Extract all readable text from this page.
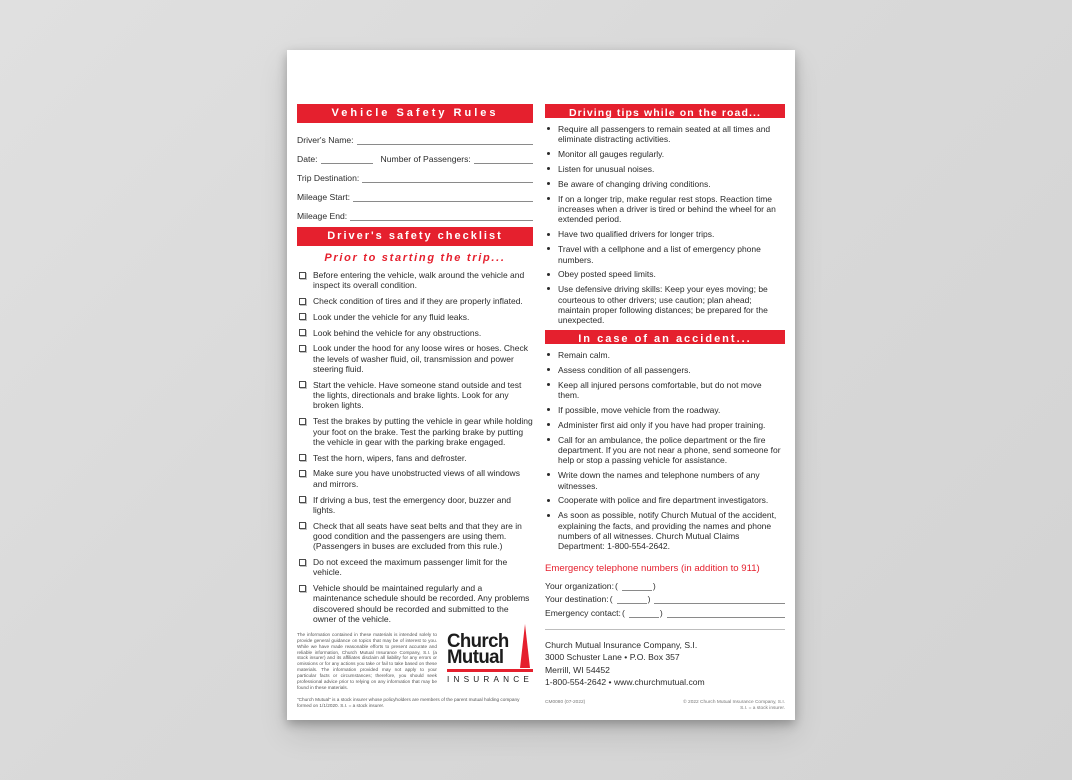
Vehicle Safety Rules
Driver's Name:
Date:	Number of Passengers:
Trip Destination:
Mileage Start:
Mileage End:
Driver's safety checklist
Prior to starting the trip...
Before entering the vehicle, walk around the vehicle and inspect its overall condition.
Check condition of tires and if they are properly inflated.
Look under the vehicle for any fluid leaks.
Look behind the vehicle for any obstructions.
Look under the hood for any loose wires or hoses. Check the levels of washer fluid, oil, transmission and power steering fluid.
Start the vehicle. Have someone stand outside and test the lights, directionals and brake lights. Look for any broken lights.
Test the brakes by putting the vehicle in gear while holding your foot on the brake. Test the parking brake by putting the vehicle in gear with the parking brake engaged.
Test the horn, wipers, fans and defroster.
Make sure you have unobstructed views of all windows and mirrors.
If driving a bus, test the emergency door, buzzer and lights.
Check that all seats have seat belts and that they are in good condition and the passengers are using them. (Passengers in buses are excluded from this rule.)
Do not exceed the maximum passenger limit for the vehicle.
Vehicle should be maintained regularly and a maintenance schedule should be recorded. Any problems discovered should be recorded and submitted to the owner of the vehicle.
The information contained in these materials is intended solely to provide general guidance on topics that may be of interest to you. While we have made reasonable efforts to present accurate and reliable information, Church Mutual Insurance Company, S.I. (a stock insurer) and its affiliates disclaim all liability for any errors or omissions or for any actions you take or fail to take based on these materials. The information provided may not apply to your particular facts or circumstances; therefore, you should seek professional advice prior to relying on any information that may be found in these materials.
Church
Mutual
INSURANCE
"Church Mutual" is a stock insurer whose policyholders are members of the parent mutual holding company formed on 1/1/2020. S.I. = a stock insurer.
Driving tips while on the road...
Require all passengers to remain seated at all times and eliminate distracting activities.
Monitor all gauges regularly.
Listen for unusual noises.
Be aware of changing driving conditions.
If on a longer trip, make regular rest stops. Reaction time increases when a driver is tired or behind the wheel for an extended period.
Have two qualified drivers for longer trips.
Travel with a cellphone and a list of emergency phone numbers.
Obey posted speed limits.
Use defensive driving skills: Keep your eyes moving; be courteous to other drivers; use caution; plan ahead; maintain proper following distances; be prepared for the unexpected.
In case of an accident...
Remain calm.
Assess condition of all passengers.
Keep all injured persons comfortable, but do not move them.
If possible, move vehicle from the roadway.
Administer first aid only if you have had proper training.
Call for an ambulance, the police department or the fire department. If you are not near a phone, send someone for help or stop a passing vehicle for assistance.
Write down the names and telephone numbers of any witnesses.
Cooperate with police and fire department investigators.
As soon as possible, notify Church Mutual of the accident, explaining the facts, and providing the names and phone numbers of all witnesses. Church Mutual Claims Department: 1-800-554-2642.
Emergency telephone numbers (in addition to 911)
Your organization: (	)
Your destination: (	)
Emergency contact: (	)
Church Mutual Insurance Company, S.I.
3000 Schuster Lane • P.O. Box 357
Merrill, WI 54452
1-800-554-2642 • www.churchmutual.com
CM0080 (07-2022)	© 2022 Church Mutual Insurance Company, S.I.
S.I. = a stock insurer.
